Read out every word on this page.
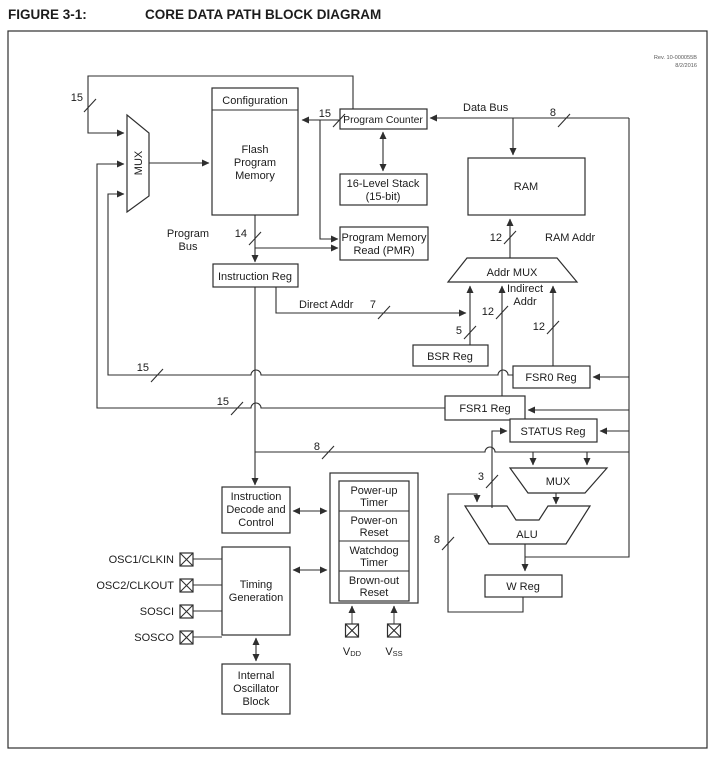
FIGURE 3-1:	CORE DATA PATH BLOCK DIAGRAM
Rev. 10-000055B
8/2/2016
Configuration
Flash
Program
Memory
Program Counter
16-Level Stack
(15-bit)
RAM
Program Memory
Read (PMR)
Instruction Reg	Addr MUX
BSR Reg
FSR0 Reg
FSR1 Reg
STATUS Reg
MUX
MUX
ALU
W Reg
Instruction
Decode and
Control
Timing
Generation
Internal
Oscillator
Block
Power-up
Timer
Power-on
Reset
Watchdog
Timer
Brown-out
Reset
15
15
14
7
5
12
12
12
8
15
15
8
3
8
Data Bus
Program
Bus
RAM Addr
Direct Addr
Indirect
Addr
OSC1/CLKIN
OSC2/CLKOUT
SOSCI
SOSCO
VDD VSS
